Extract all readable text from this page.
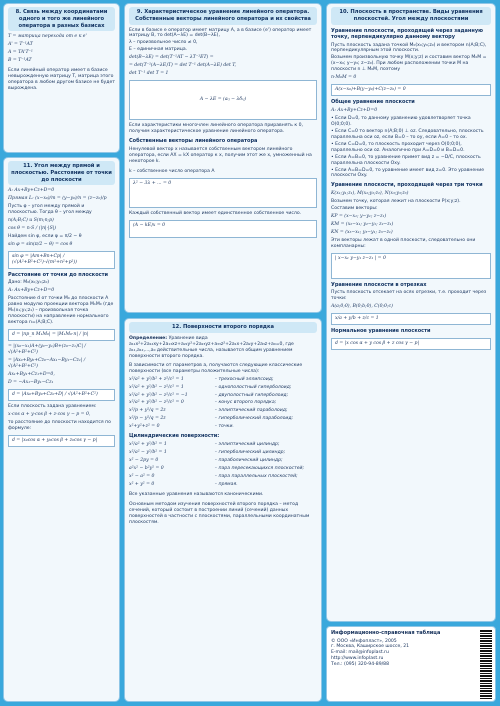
8. Связь между координатами одного и того же линейного оператора в разных базисах
T = матрица перехода от e к e'
A' = T⁻¹AT
A = TA'T⁻¹
B = T⁻¹AT
Если линейный оператор имеет в базисе невырожденную матрицу T, матрица этого оператора в любом другом базисе не будет вырождена.
11. Угол между прямой и плоскостью. Расстояние от точки до плоскости
A: Ax+By+Cz+D=0
Прямая L: (x−x₀)/m = (y−y₀)/n = (z−z₀)/p
Пусть φ – угол между прямой и плоскостью. Тогда θ – угол между
n(A;B;C) и S(m;n;p)
cos θ = n·S / (|n|·|S|)
Найдем sin φ, если φ = π/2 − θ
sin φ = sin(π/2 − θ) = cos θ
sin φ = |Am+Bn+Cp| / (√(A²+B²+C²)·√(m²+n²+p²))
Расстояние от точки до плоскости
Дано: M₀(x₀;y₀;z₀)
A: Ax+By+Cz+D=0
Расстояние d от точки M₀ до плоскости A равно модулю проекции вектора M₁M₀ (где M₁(x₁;y₁;z₁) – произвольная точка плоскости) на направление нормального вектора n=(A;B;C).
d = |пр_n M₁M₀| = |M₁M₀·n| / |n|
= |(x₀−x₁)A+(y₀−y₁)B+(z₀−z₁)C| / √(A²+B²+C²)
= |Ax₀+By₀+Cz₀−Ax₁−By₁−Cz₁| / √(A²+B²+C²)
Ax₁+By₁+Cz₁+D=0,
D = −Ax₁−By₁−Cz₁
d = |Ax₀+By₀+Cz₀+D| / √(A²+B²+C²)
Если плоскость задана уравнением:
x·cos α + y·cos β + z·cos γ − p = 0,
то расстояние до плоскости находится по формуле:
d = |x₀cos α + y₀cos β + z₀cos γ − p|
9. Характеристическое уравнение линейного оператора. Собственные векторы линейного оператора и их свойства
Если в базисе e оператор имеет матрицу A, а в базисе (e') оператор имеет матрицу B, то det(A−λE) = det(B−λE),
λ – произвольное число ≠ 0,
E – единичная матрица.
det(B−λE) = det(T⁻¹AT − λT⁻¹ET) =
= det(T⁻¹(A−λE)T) = det T⁻¹ det(A−λE) det T,
det T⁻¹ det T = 1
A − λE = (aᵢⱼ − λδᵢⱼ)
Если характеристики многочлен линейного оператора приравнять к 0, получим характеристическое уравнение линейного оператора.
Собственные векторы линейного оператора
Ненулевой вектор x называется собственным вектором линейного оператора, если AX = kX оператор к x, получим этот же x, умноженный на некоторое k.
k – собственное число оператора A
λ² − 3λ + ... = 0
Каждый собственный вектор имеет единственное собственное число.
(A − kE)x = 0
12. Поверхности второго порядка
Определение: Уравнение вида a₁₁x²+2a₁₂xy+2a₁₃xz+a₂₂y²+2a₂₃yz+a₃₃z²+2a₁x+2a₂y+2a₃z+a₀=0, где a₁₁,a₁₂,...,a₀ действительные числа, называется общим уравнением поверхности второго порядка.
В зависимости от параметров a, получаются следующие классические поверхности (все параметры положительные числа):
x²/a² + y²/b² + z²/c² = 1	– трехосный эллипсоид;
x²/a² + y²/b² − z²/c² = 1	– однополостный гиперболоид;
x²/a² + y²/b² − z²/c² = −1	– двуполостный гиперболоид;
x²/a² + y²/b² − z²/c² = 0	– конус второго порядка;
x²/p + y²/q = 2z	– эллиптический параболоид;
x²/p − y²/q = 2z	– гиперболический параболоид;
x²+y²+z² = 0	– точки.
Цилиндрические поверхности:
x²/a² + y²/b² = 1	– эллиптический цилиндр;
x²/a² − y²/b² = 1	– гиперболический цилиндр;
x² − 2py = 0	– параболический цилиндр;
a²x² − b²y² = 0	– пара пересекающихся плоскостей;
x² − a² = 0	– пара параллельных плоскостей;
x² + y² = 0	– прямая.
Все указанные уравнения называются каноническими.
Основным методом изучения поверхностей второго порядка – метод сечений, который состоит в построении линий (сечений) данных поверхностей в частности с плоскостями, параллельными координатным плоскостям.
10. Плоскость в пространстве. Виды уравнения плоскостей. Угол между плоскостями
Уравнение плоскости, проходящей через заданную точку, перпендикулярно данному вектору
Пусть плоскость задана точкой M₀(x₀;y₀;z₀) и вектором n(A;B;C), перпендикулярным этой плоскости.
Возьмем произвольную точку M(x;y;z) и составим вектор M₀M = (x−x₀; y−y₀; z−z₀). При любом расположении точки M на плоскости n ⊥ M₀M, поэтому
n·M₀M = 0
A(x−x₀)+B(y−y₀)+C(z−z₀) = 0
Общее уравнение плоскости
A: Ax+By+Cz+D=0
• Если D=0, то данному уравнению удовлетворяет точка O(0;0;0).
• Если C=0 то вектор n(A;B;0) ⊥ oz. Следовательно, плоскость параллельна оси oz, если B=0 – то oy, если A=0 – то ox.
• Если C=D=0, то плоскость проходит через O(0;0;0), параллельно оси oz. Аналогично при A=D=0 и B=D=0.
• Если A=B=0, то уравнение примет вид z = −D/C, плоскость параллельна плоскости Oxy.
• Если A=B=D=0, то уравнение имеет вид z=0. Это уравнение плоскости Oxy.
Уравнение плоскости, проходящей через три точки
K(x₁;y₁;z₁), M(x₂;y₂;z₂), N(x₃;y₃;z₃)
Возьмем точку, которая лежит на плоскости P(x;y;z).
Составим векторы:
KP = (x−x₁; y−y₁; z−z₁)
KM = (x₂−x₁; y₂−y₁; z₂−z₁)
KN = (x₃−x₁; y₃−y₁; z₃−z₁)
Эти векторы лежат в одной плоскости, следовательно они компланарны:
| x−x₁ y−y₁ z−z₁ | = 0
Уравнение плоскости в отрезках
Пусть плоскость отсекает на осях отрезки, т.е. проходит через точки:
A(a;0;0), B(0;b;0), C(0;0;c)
x/a + y/b + z/c = 1
Нормальное уравнение плоскости
d = |x cos α + y cos β + z cos γ − p|
Информационно-справочная таблица
© ООО «Инфопласт», 2005
г. Москва, Каширское шоссе, 21
E-mail: mail@infoplast.ru
http://www.infoplast.ru
Тел.: (095) 320-94-89/88
